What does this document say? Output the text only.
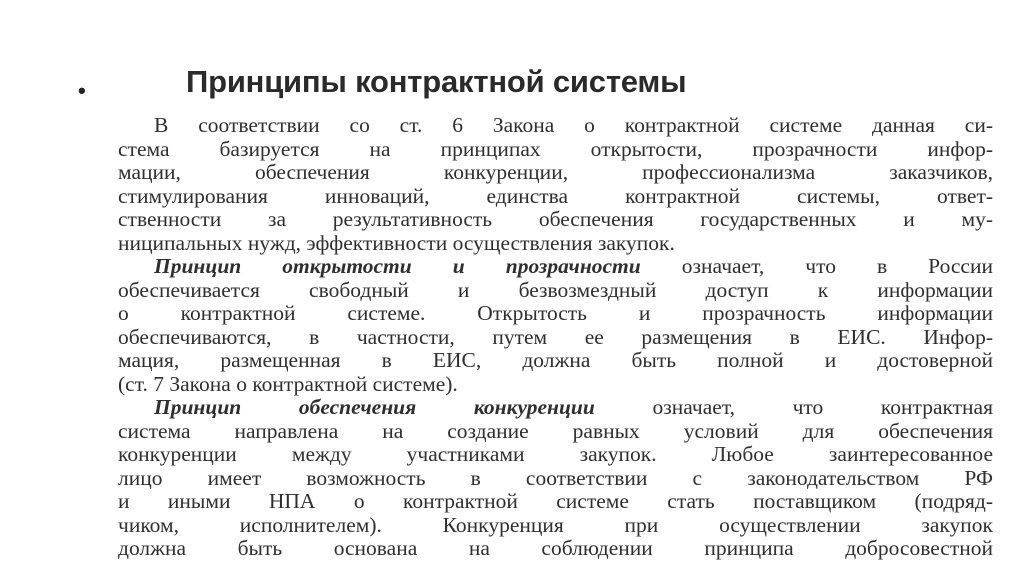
•	Принципы контрактной системы
В соответствии со ст. 6 Закона о контрактной системе данная си-
стема базируется на принципах открытости, прозрачности инфор-
мации, обеспечения конкуренции, профессионализма заказчиков,
стимулирования инноваций, единства контрактной системы, ответ-
ственности за результативность обеспечения государственных и му-
ниципальных нужд, эффективности осуществления закупок.
Принцип открытости и прозрачности означает, что в России
обеспечивается свободный и безвозмездный доступ к информации
о контрактной системе. Открытость и прозрачность информации
обеспечиваются, в частности, путем ее размещения в ЕИС. Инфор-
мация, размещенная в ЕИС, должна быть полной и достоверной
(ст. 7 Закона о контрактной системе).
Принцип обеспечения конкуренции означает, что контрактная
система направлена на создание равных условий для обеспечения
конкуренции между участниками закупок. Любое заинтересованное
лицо имеет возможность в соответствии с законодательством РФ
и иными НПА о контрактной системе стать поставщиком (подряд-
чиком, исполнителем). Конкуренция при осуществлении закупок
должна быть основана на соблюдении принципа добросовестной
